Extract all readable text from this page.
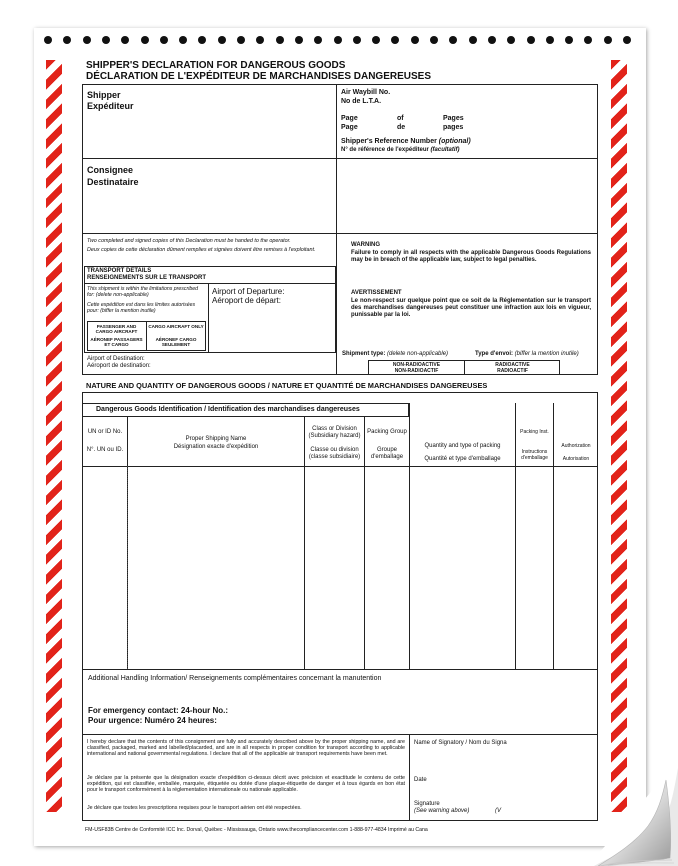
SHIPPER'S DECLARATION FOR DANGEROUS GOODS
DÉCLARATION DE L'EXPÉDITEUR DE MARCHANDISES DANGEREUSES
Shipper
Expéditeur
Air Waybill No.
No de L.T.A.
Page	of	Pages
Page	de	pages
Shipper's Reference Number (optional)
N° de référence de l'expéditeur (facultatif)
Consignee
Destinataire
Two completed and signed copies of this Declaration must be handed to the operator.
Deux copies de cette déclaration dûment remplies et signées doivent être remises à l'exploitant.
TRANSPORT DETAILS
RENSEIGNEMENTS SUR LE TRANSPORT
This shipment is within the limitations prescribed for: (delete non-applicable)
Cette expédition est dans les limites autorisées pour: (biffer la mention inutile)
PASSENGER AND CARGO AIRCRAFT
AÉRONEF PASSAGERS ET CARGO
CARGO AIRCRAFT ONLY
AÉRONEF CARGO SEULEMENT
Airport of Departure:
Aéroport de départ:
Airport of Destination:
Aéroport de destination:
WARNING
Failure to comply in all respects with the applicable Dangerous Goods Regulations may be in breach of the applicable law, subject to legal penalties.
AVERTISSEMENT
Le non-respect sur quelque point que ce soit de la Réglementation sur le transport des marchandises dangereuses peut constituer une infraction aux lois en vigueur, punissable par la loi.
Shipment type: (delete non-applicable)	Type d'envoi: (biffer la mention inutile)
NON-RADIOACTIVE
NON-RADIOACTIF
RADIOACTIVE
RADIOACTIF
NATURE AND QUANTITY OF DANGEROUS GOODS / NATURE ET QUANTITÉ DE MARCHANDISES DANGEREUSES
Dangerous Goods Identification / Identification des marchandises dangereuses
UN or ID No.
N°. UN ou ID.
Proper Shipping Name
Désignation exacte d'expédition
Class or Division (Subsidiary hazard)
Classe ou division (classe subsidiaire)
Packing Group
Groupe d'emballage
Quantity and type of packing
Quantité et type d'emballage
Packing Inst.
Instructions d'emballage
Authorization
Autorisation
Additional Handling Information/ Renseignements complémentaires concernant la manutention
For emergency contact: 24-hour No.:
Pour urgence: Numéro 24 heures:
I hereby declare that the contents of this consignment are fully and accurately described above by the proper shipping name, and are classified, packaged, marked and labelled/placarded, and are in all respects in proper condition for transport according to applicable international and national governmental regulations. I declare that all of the applicable air transport requirements have been met.
Je déclare par la présente que la désignation exacte d'expédition ci-dessus décrit avec précision et exactitude le contenu de cette expédition, qui est classifiée, emballée, marquée, étiquetée ou dotée d'une plaque-étiquette de danger et à tous égards en bon état pour le transport conformément à la réglementation internationale ou nationale applicable.
Je déclare que toutes les prescriptions requises pour le transport aérien ont été respectées.
Name of Signatory / Nom du Signa
Date
Signature
(See warning above)	(V
FM-USF83B Centre de Conformité ICC Inc. Dorval, Québec - Mississauga, Ontario www.thecompliancecenter.com 1-888-977-4834 Imprimé au Cana
